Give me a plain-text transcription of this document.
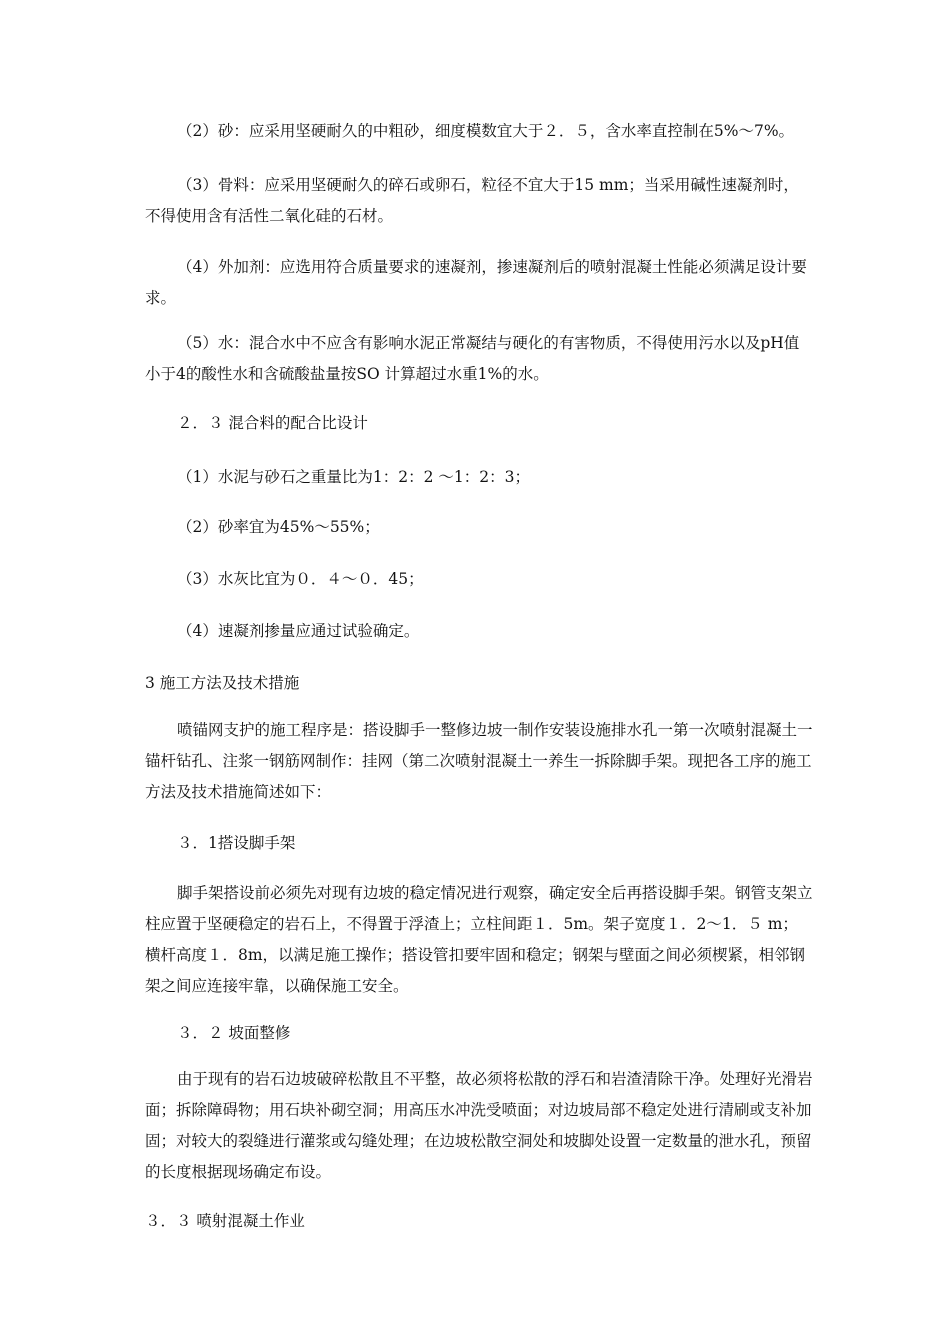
（2）砂：应采用坚硬耐久的中粗砂，细度模数宜大于２．５，含水率直控制在5%～7%。

（3）骨料：应采用坚硬耐久的碎石或卵石，粒径不宜大于15 mm；当采用碱性速凝剂时，不得使用含有活性二氧化硅的石材。

（4）外加剂：应选用符合质量要求的速凝剂，掺速凝剂后的喷射混凝土性能必须满足设计要求。

（5）水：混合水中不应含有影响水泥正常凝结与硬化的有害物质，不得使用污水以及pH值小于4的酸性水和含硫酸盐量按SO 计算超过水重1%的水。

２．３ 混合料的配合比设计

（1）水泥与砂石之重量比为1：2：2 ～1：2：3；

（2）砂率宜为45%～55%；

（3）水灰比宜为０．４～０．45；

（4）速凝剂掺量应通过试验确定。

3 施工方法及技术措施

喷锚网支护的施工程序是：搭设脚手一整修边坡一制作安装设施排水孔一第一次喷射混凝土一锚杆钻孔、注浆一钢筋网制作：挂网（第二次喷射混凝土一养生一拆除脚手架。现把各工序的施工方法及技术措施简述如下：

３．1搭设脚手架

脚手架搭设前必须先对现有边坡的稳定情况进行观察，确定安全后再搭设脚手架。钢管支架立柱应置于坚硬稳定的岩石上，不得置于浮渣上；立柱间距１．5m。架子宽度１．2～1．５ m；横杆高度１．8m，以满足施工操作；搭设管扣要牢固和稳定；钢架与壁面之间必须楔紧，相邻钢架之间应连接牢靠，以确保施工安全。

３．２ 坡面整修

由于现有的岩石边坡破碎松散且不平整，故必须将松散的浮石和岩渣清除干净。处理好光滑岩面；拆除障碍物；用石块补砌空洞；用高压水冲洗受喷面；对边坡局部不稳定处进行清刷或支补加固；对较大的裂缝进行灌浆或勾缝处理；在边坡松散空洞处和坡脚处设置一定数量的泄水孔，预留的长度根据现场确定布设。

３．３ 喷射混凝土作业
